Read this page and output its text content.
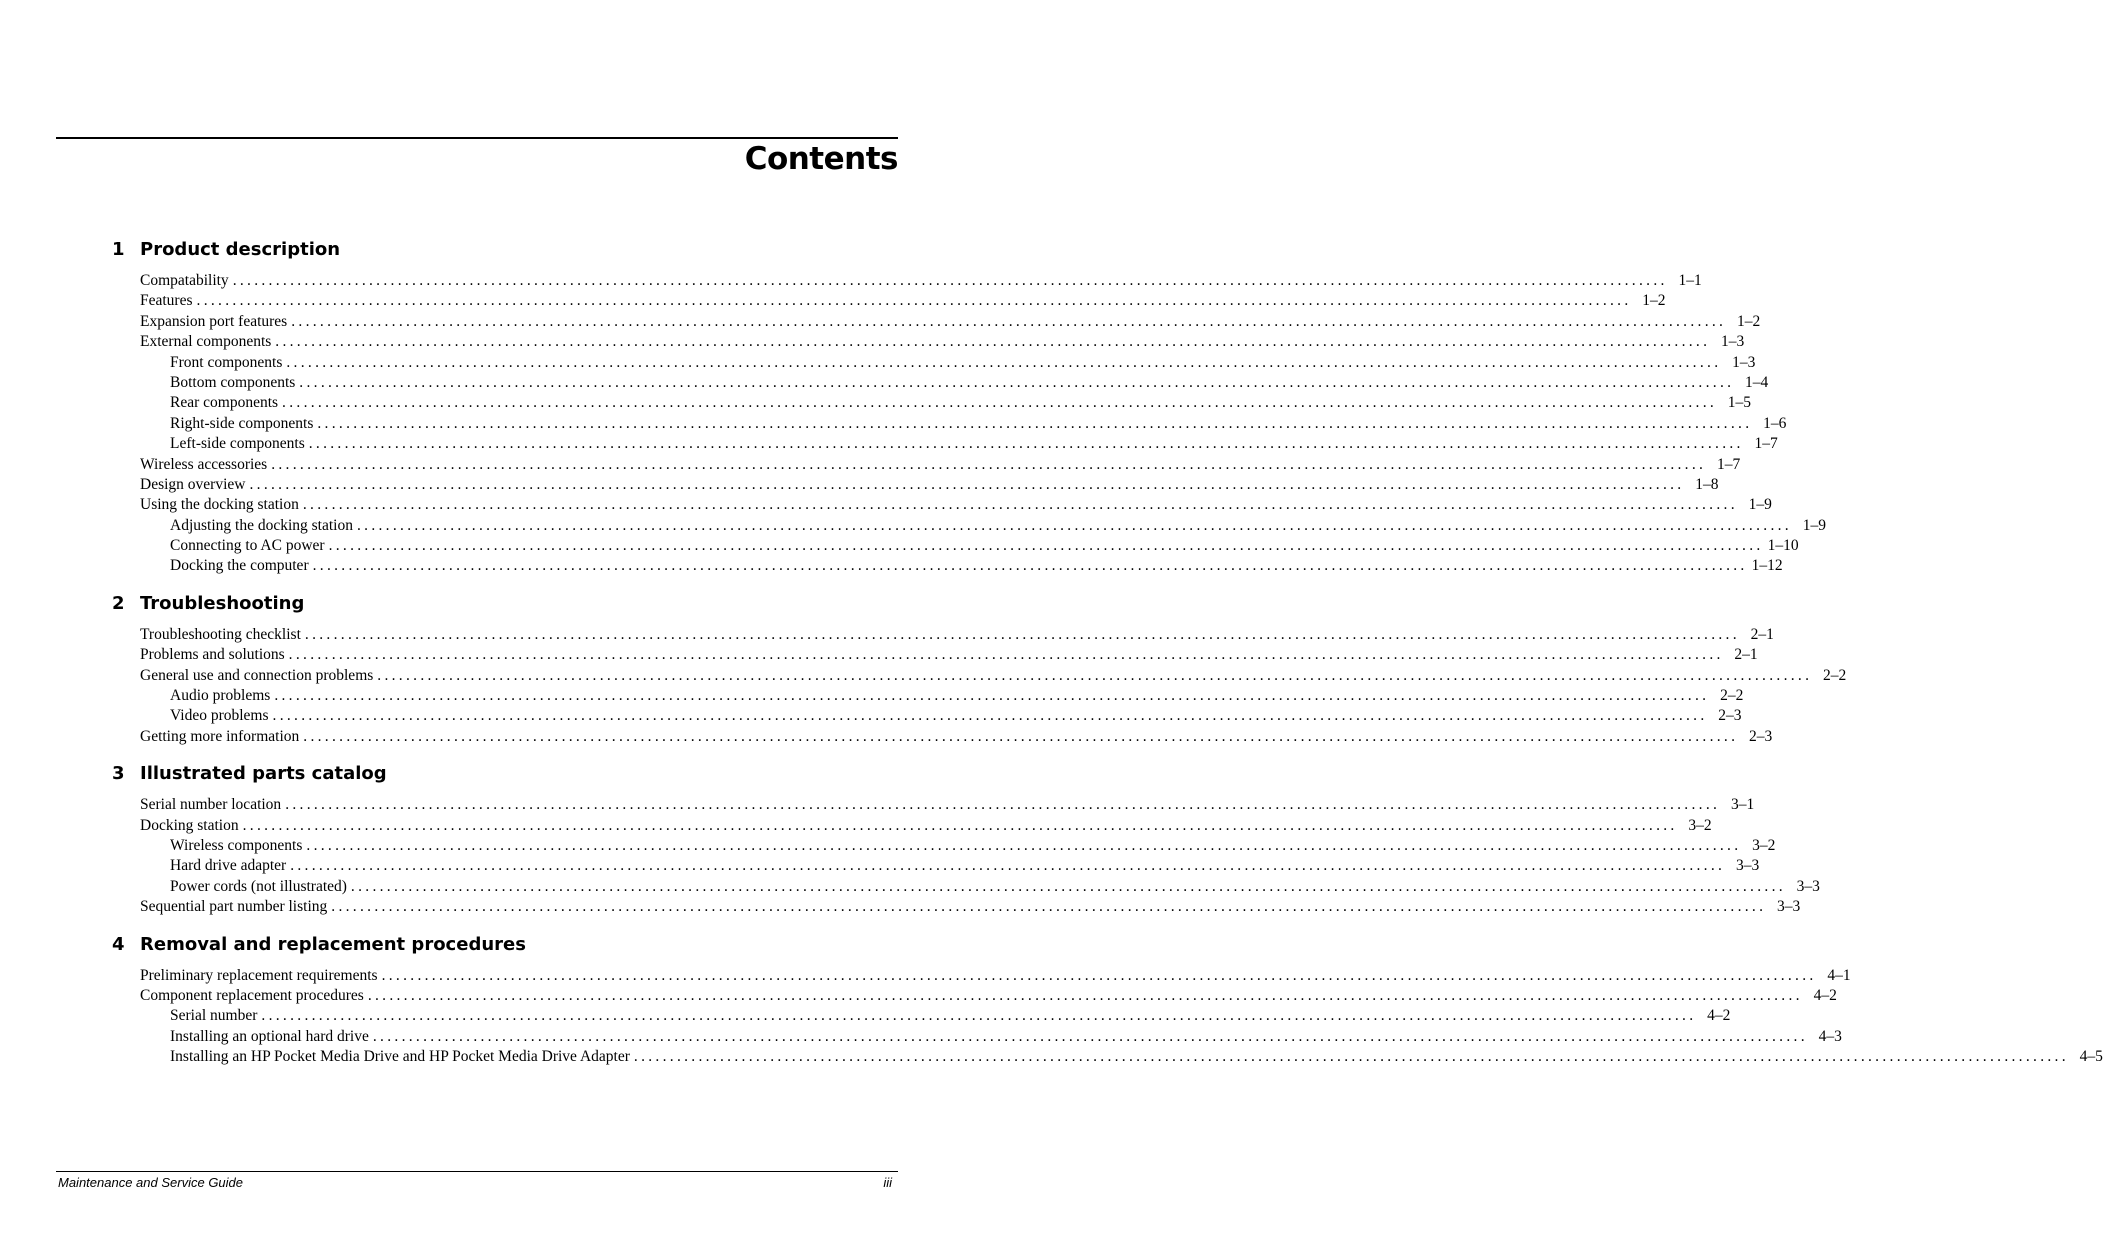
Contents
1 Product description
Compatability ........................................................................................................................................................................................................ 1–1
Features ........................................................................................................................................................................................................ 1–2
Expansion port features ........................................................................................................................................................................................................ 1–2
External components ........................................................................................................................................................................................................ 1–3
Front components ........................................................................................................................................................................................................ 1–3
Bottom components ........................................................................................................................................................................................................ 1–4
Rear components ........................................................................................................................................................................................................ 1–5
Right-side components ........................................................................................................................................................................................................ 1–6
Left-side components ........................................................................................................................................................................................................ 1–7
Wireless accessories ........................................................................................................................................................................................................ 1–7
Design overview ........................................................................................................................................................................................................ 1–8
Using the docking station ........................................................................................................................................................................................................ 1–9
Adjusting the docking station ........................................................................................................................................................................................................ 1–9
Connecting to AC power ........................................................................................................................................................................................................ 1–10
Docking the computer ........................................................................................................................................................................................................ 1–12
2 Troubleshooting
Troubleshooting checklist ........................................................................................................................................................................................................ 2–1
Problems and solutions ........................................................................................................................................................................................................ 2–1
General use and connection problems ........................................................................................................................................................................................................ 2–2
Audio problems ........................................................................................................................................................................................................ 2–2
Video problems ........................................................................................................................................................................................................ 2–3
Getting more information ........................................................................................................................................................................................................ 2–3
3 Illustrated parts catalog
Serial number location ........................................................................................................................................................................................................ 3–1
Docking station ........................................................................................................................................................................................................ 3–2
Wireless components ........................................................................................................................................................................................................ 3–2
Hard drive adapter ........................................................................................................................................................................................................ 3–3
Power cords (not illustrated) ........................................................................................................................................................................................................ 3–3
Sequential part number listing ........................................................................................................................................................................................................ 3–3
4 Removal and replacement procedures
Preliminary replacement requirements ........................................................................................................................................................................................................ 4–1
Component replacement procedures ........................................................................................................................................................................................................ 4–2
Serial number ........................................................................................................................................................................................................ 4–2
Installing an optional hard drive ........................................................................................................................................................................................................ 4–3
Installing an HP Pocket Media Drive and HP Pocket Media Drive Adapter ........................................................................................................................................................................................................ 4–5
Maintenance and Service Guide	iii
